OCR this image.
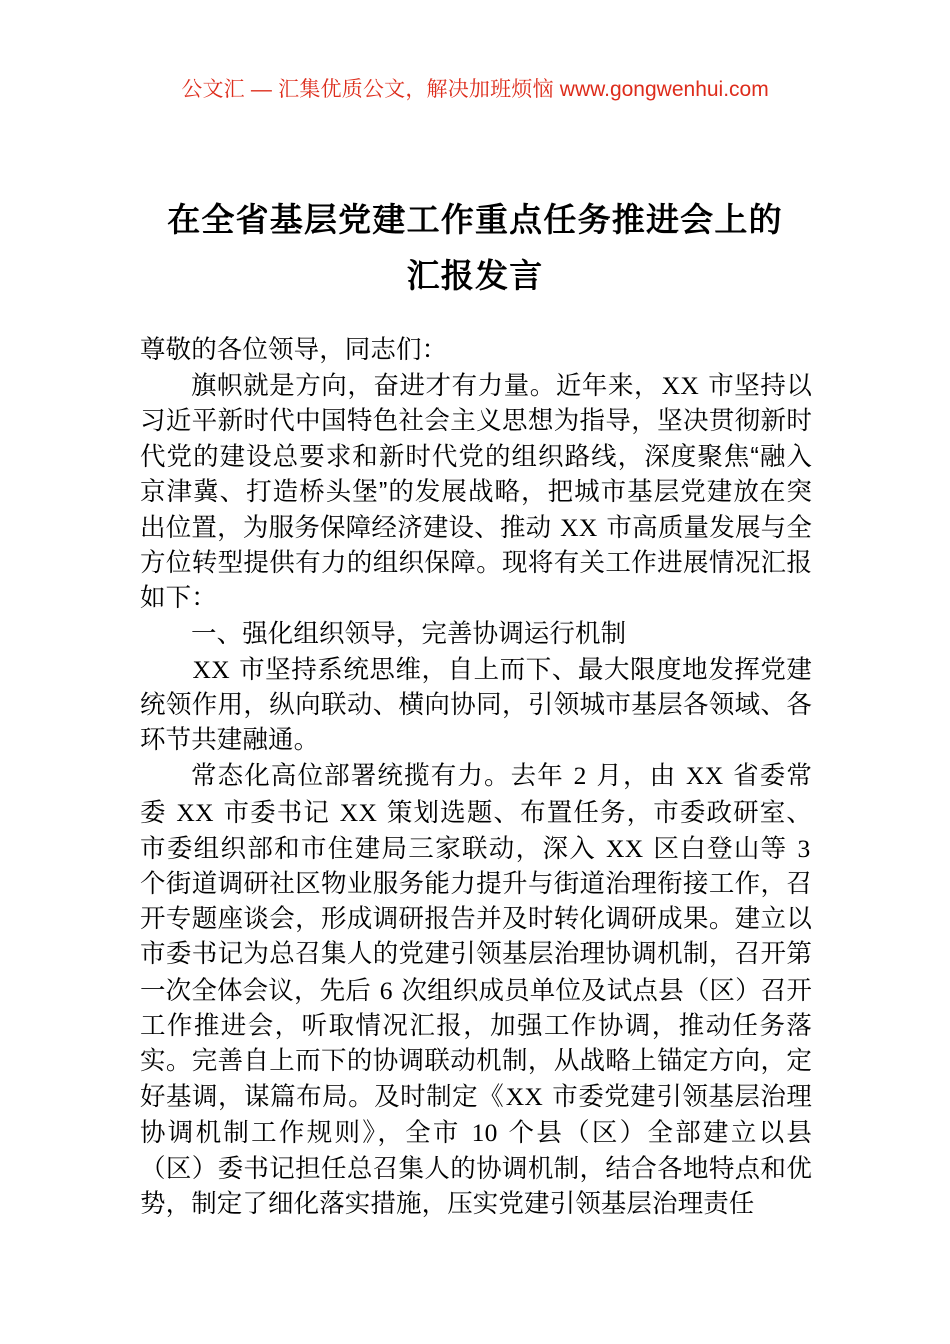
公文汇 — 汇集优质公文，解决加班烦恼 www.gongwenhui.com
在全省基层党建工作重点任务推进会上的
汇报发言

尊敬的各位领导，同志们：

旗帜就是方向，奋进才有力量。近年来，XX 市坚持以习近平新时代中国特色社会主义思想为指导，坚决贯彻新时代党的建设总要求和新时代党的组织路线，深度聚焦“融入京津冀、打造桥头堡”的发展战略，把城市基层党建放在突出位置，为服务保障经济建设、推动 XX 市高质量发展与全方位转型提供有力的组织保障。现将有关工作进展情况汇报如下：

一、强化组织领导，完善协调运行机制

XX 市坚持系统思维，自上而下、最大限度地发挥党建统领作用，纵向联动、横向协同，引领城市基层各领域、各环节共建融通。

常态化高位部署统揽有力。去年 2 月，由 XX 省委常委 XX 市委书记 XX 策划选题、布置任务，市委政研室、市委组织部和市住建局三家联动，深入 XX 区白登山等 3 个街道调研社区物业服务能力提升与街道治理衔接工作，召开专题座谈会，形成调研报告并及时转化调研成果。建立以市委书记为总召集人的党建引领基层治理协调机制，召开第一次全体会议，先后 6 次组织成员单位及试点县（区）召开工作推进会，听取情况汇报，加强工作协调，推动任务落实。完善自上而下的协调联动机制，从战略上锚定方向，定好基调，谋篇布局。及时制定《XX 市委党建引领基层治理协调机制工作规则》，全市 10 个县（区）全部建立以县（区）委书记担任总召集人的协调机制，结合各地特点和优势，制定了细化落实措施，压实党建引领基层治理责任
